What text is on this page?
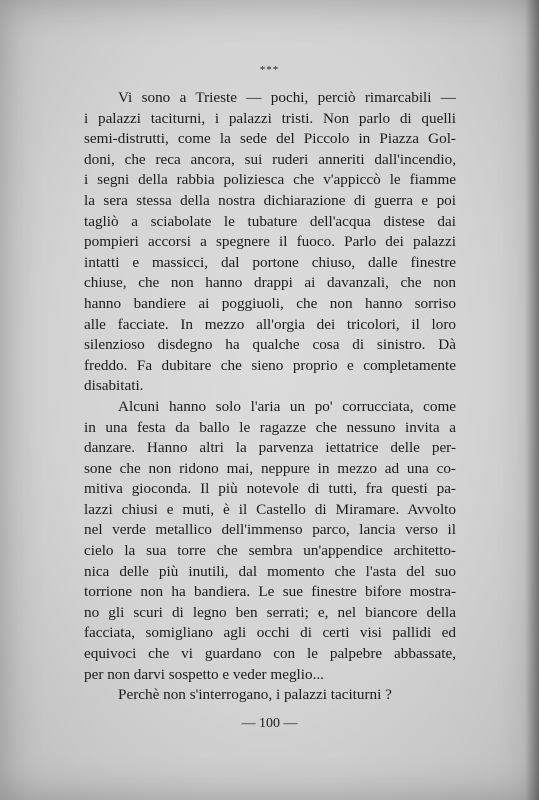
***
Vi sono a Trieste — pochi, perciò rimarcabili —
i palazzi taciturni, i palazzi tristi. Non parlo di quelli
semi-distrutti, come la sede del Piccolo in Piazza Gol-
doni, che reca ancora, sui ruderi anneriti dall'incendio,
i segni della rabbia poliziesca che v'appiccò le fiamme
la sera stessa della nostra dichiarazione di guerra e poi
tagliò a sciabolate le tubature dell'acqua distese dai
pompieri accorsi a spegnere il fuoco. Parlo dei palazzi
intatti e massicci, dal portone chiuso, dalle finestre
chiuse, che non hanno drappi ai davanzali, che non
hanno bandiere ai poggiuoli, che non hanno sorriso
alle facciate. In mezzo all'orgia dei tricolori, il loro
silenzioso disdegno ha qualche cosa di sinistro. Dà
freddo. Fa dubitare che sieno proprio e completamente
disabitati.
Alcuni hanno solo l'aria un po' corrucciata, come
in una festa da ballo le ragazze che nessuno invita a
danzare. Hanno altri la parvenza iettatrice delle per-
sone che non ridono mai, neppure in mezzo ad una co-
mitiva gioconda. Il più notevole di tutti, fra questi pa-
lazzi chiusi e muti, è il Castello di Miramare. Avvolto
nel verde metallico dell'immenso parco, lancia verso il
cielo la sua torre che sembra un'appendice architetto-
nica delle più inutili, dal momento che l'asta del suo
torrione non ha bandiera. Le sue finestre bifore mostra-
no gli scuri di legno ben serrati; e, nel biancore della
facciata, somigliano agli occhi di certi visi pallidi ed
equivoci che vi guardano con le palpebre abbassate,
per non darvi sospetto e veder meglio...
Perchè non s'interrogano, i palazzi taciturni ?
— 100 —
